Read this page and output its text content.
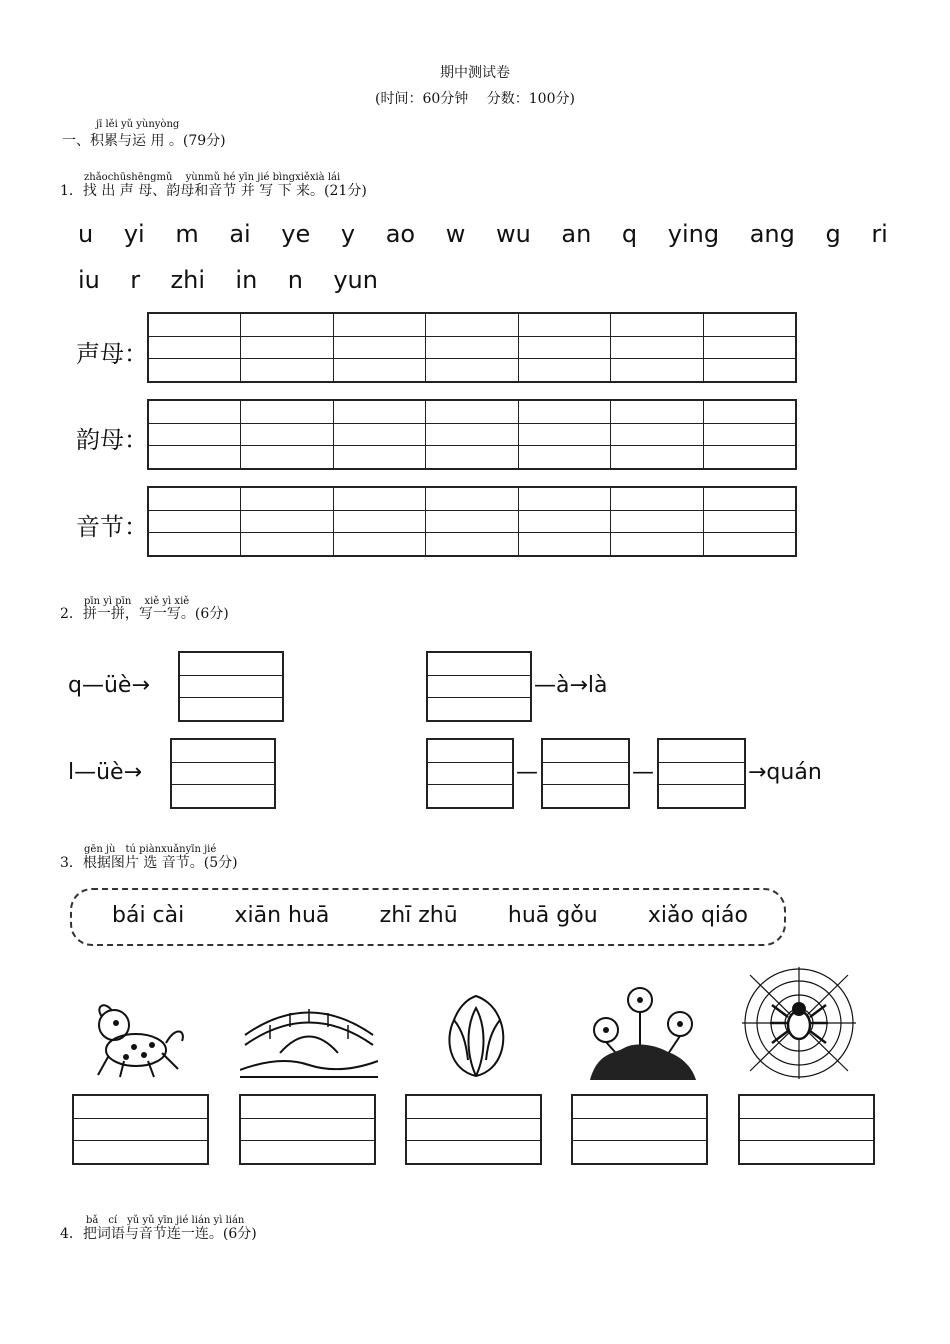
期中测试卷
(时间：60分钟　 分数：100分)
jī lěi yǔ yùnyòng
一、积累与运 用 。(79分)
zhǎochūshēngmǔ　 yùnmǔ hé yīn jié bìngxiěxià lái
1．找 出 声 母、韵母和音节 并 写 下 来。(21分)
u yi m ai ye y ao w wu an q ying ang g ri
iu r zhi in n yun
声母：
韵母：
音节：
pīn yì pīn　 xiě yì xiě
2．拼一拼，写一写。(6分)
q—üè→	—à→là
l—üè→	—	—	→quán
gēn jù　tú piànxuǎnyīn jié
3．根据图片 选 音节。(5分)
bái cài xiān huā zhī zhū huā gǒu xiǎo qiáo
bǎ　cí　yǔ yǔ yīn jié lián yì lián
4．把词语与音节连一连。(6分)
